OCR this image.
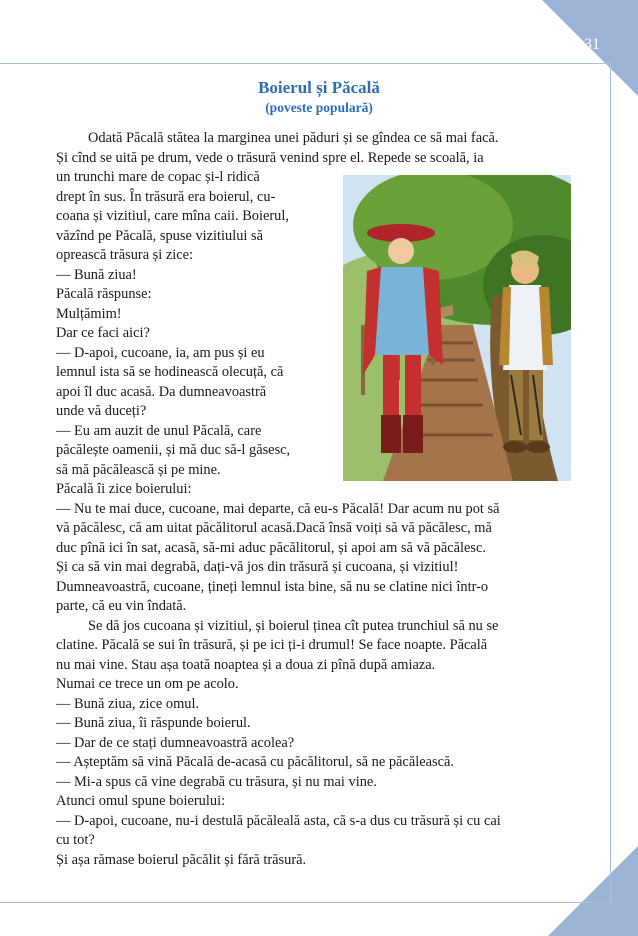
31
Boierul și Păcală
(poveste populară)
Odată Păcală stătea la marginea unei păduri și se gîndea ce să mai facă.
Și cînd se uită pe drum, vede o trăsură venind spre el. Repede se scoală, ia
un trunchi mare de copac și-l ridică
drept în sus. În trăsură era boierul, cu-
coana și vizitiul, care mîna caii. Boierul,
văzînd pe Păcală, spuse vizitiului să
oprească trăsura și zice:
— Bună ziua!
Păcală răspunse:
Mulțămim!
Dar ce faci aici?
— D-apoi, cucoane, ia, am pus și eu
lemnul ista să se hodinească olecuță, că
apoi îl duc acasă. Da dumneavoastră
unde vă duceți?
— Eu am auzit de unul Păcală, care
păcălește oamenii, și mă duc să-l găsesc,
să mă păcălească și pe mine.
Păcală îi zice boierului:
— Nu te mai duce, cucoane, mai departe, că eu-s Păcală! Dar acum nu pot să
vă păcălesc, că am uitat păcălitorul acasă.Dacă însă voiți să vă păcălesc, mă
duc pînă ici în sat, acasă, să-mi aduc păcălitorul, și apoi am să vă păcălesc.
Și ca să vin mai degrabă, dați-vă jos din trăsură și cucoana, și vizitiul!
Dumneavoastră, cucoane, țineți lemnul ista bine, să nu se clatine nici într-o
parte, că eu vin îndată.
Se dă jos cucoana și vizitiul, și boierul ținea cît putea trunchiul să nu se
clatine. Păcală se sui în trăsură, și pe ici ți-i drumul! Se face noapte. Păcală
nu mai vine. Stau așa toată noaptea și a doua zi pînă după amiaza.
Numai ce trece un om pe acolo.
— Bună ziua, zice omul.
— Bună ziua, îi răspunde boierul.
— Dar de ce stați dumneavoastră acolea?
— Așteptăm să vină Păcală de-acasă cu păcălitorul, să ne păcălească.
— Mi-a spus că vine degrabă cu trăsura, și nu mai vine.
Atunci omul spune boierului:
— D-apoi, cucoane, nu-i destulă păcăleală asta, că s-a dus cu trăsură și cu cai
cu tot?
Și așa rămase boierul păcălit și fără trăsură.
